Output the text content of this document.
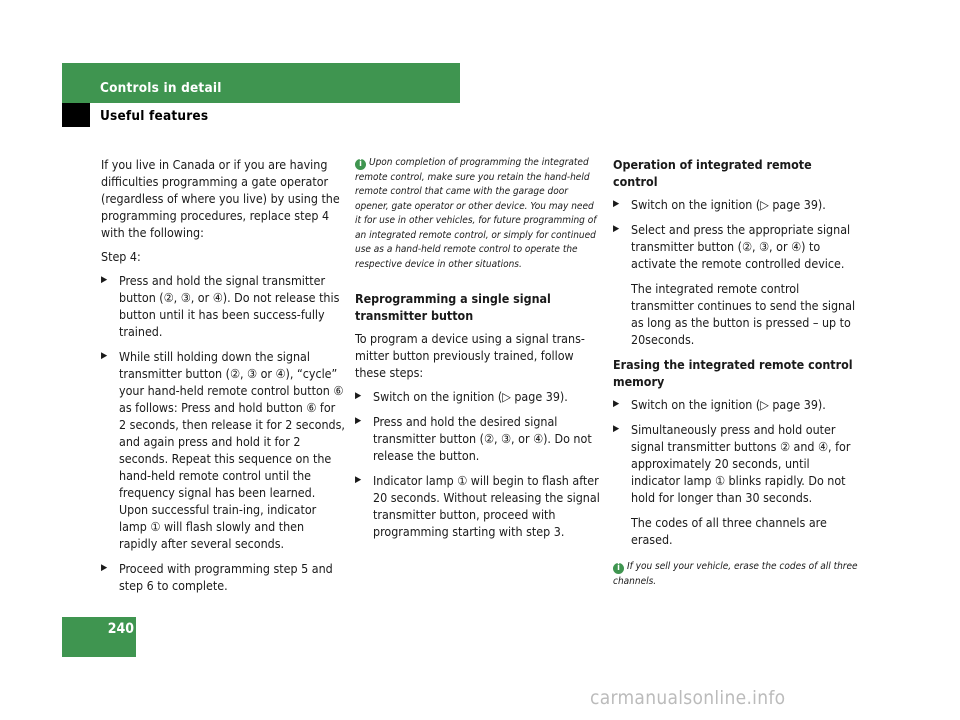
Controls in detail
Useful features

If you live in Canada or if you are having difficulties programming a gate operator (regardless of where you live) by using the programming procedures, replace step 4 with the following:

Step 4:

▶ Press and hold the signal transmitter button (②, ③, or ④). Do not release this button until it has been success-fully trained.
▶ While still holding down the signal transmitter button (②, ③ or ④), “cycle” your hand-held remote control button ⑥ as follows: Press and hold button ⑥ for 2 seconds, then release it for 2 seconds, and again press and hold it for 2 seconds. Repeat this sequence on the hand-held remote control until the frequency signal has been learned. Upon successful train-ing, indicator lamp ① will flash slowly and then rapidly after several seconds.
▶ Proceed with programming step 5 and step 6 to complete.
i Upon completion of programming the integrated remote control, make sure you retain the hand-held remote control that came with the garage door opener, gate operator or other device. You may need it for use in other vehicles, for future programming of an integrated remote control, or simply for continued use as a hand-held remote control to operate the respective device in other situations.

Reprogramming a single signal transmitter button

To program a device using a signal trans-mitter button previously trained, follow these steps:

▶ Switch on the ignition (▷ page 39).
▶ Press and hold the desired signal transmitter button (②, ③, or ④). Do not release the button.
▶ Indicator lamp ① will begin to flash after 20 seconds. Without releasing the signal transmitter button, proceed with programming starting with step 3.

Operation of integrated remote control

▶ Switch on the ignition (▷ page 39).
▶ Select and press the appropriate signal transmitter button (②, ③, or ④) to activate the remote controlled device.

The integrated remote control transmitter continues to send the signal as long as the button is pressed – up to 20seconds.

Erasing the integrated remote control memory

▶ Switch on the ignition (▷ page 39).
▶ Simultaneously press and hold outer signal transmitter buttons ② and ④, for approximately 20 seconds, until indicator lamp ① blinks rapidly. Do not hold for longer than 30 seconds.

The codes of all three channels are erased.

i If you sell your vehicle, erase the codes of all three channels.
240
carmanualsonline.info
